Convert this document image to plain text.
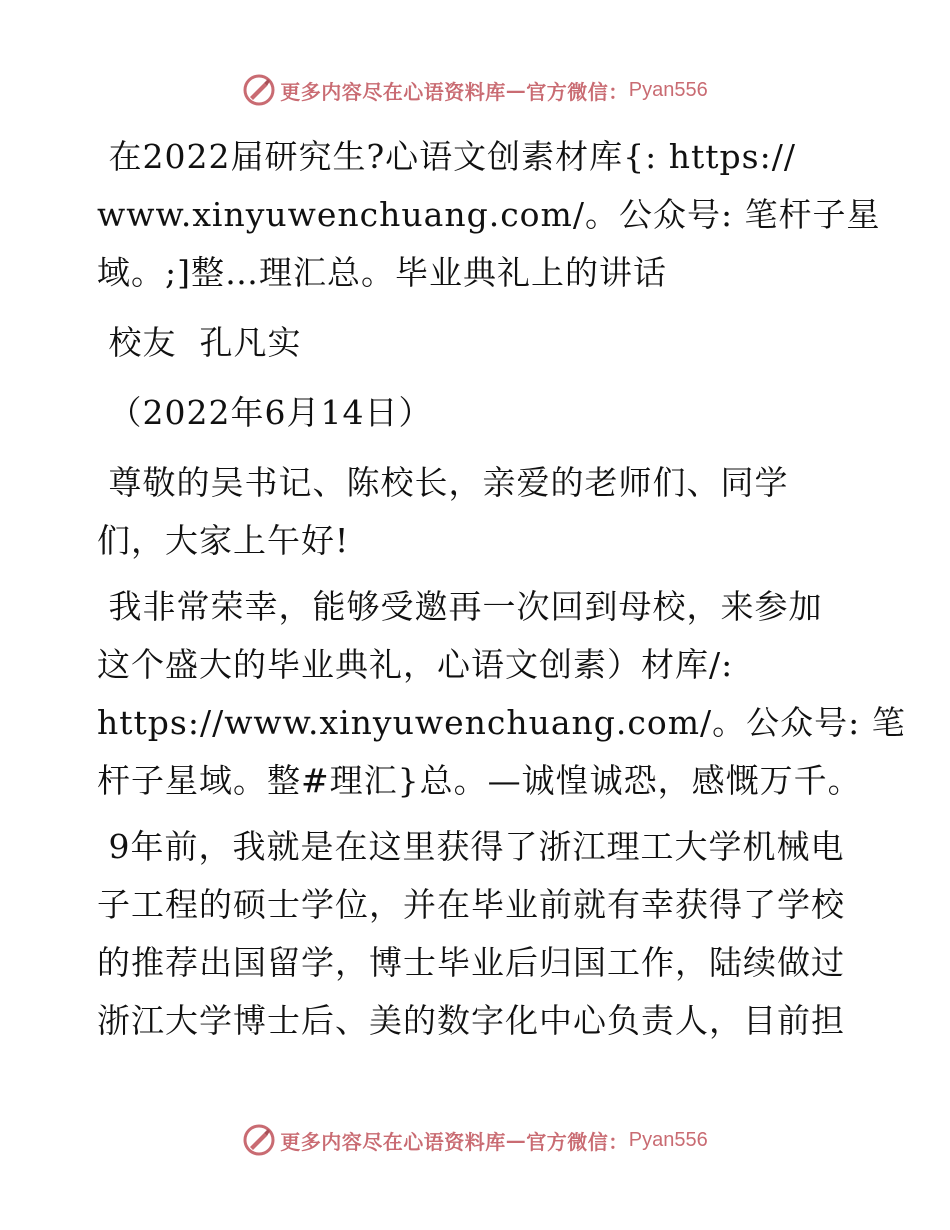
更多内容尽在心语资料库 — 官方微信： Pyan556
在2022届研究生?心语文创素材库{: https://
www.xinyuwenchuang.com/。公众号: 笔杆子星
域。;]整…理汇总。毕业典礼上的讲话
校友  孔凡实
（2022年6月14日）
尊敬的吴书记、陈校长，亲爱的老师们、同学
们，大家上午好!
我非常荣幸，能够受邀再一次回到母校，来参加
这个盛大的毕业典礼，心语文创素）材库/:
https://www.xinyuwenchuang.com/。公众号: 笔
杆子星域。整#理汇}总。—诚惶诚恐，感慨万千。
9年前，我就是在这里获得了浙江理工大学机械电
子工程的硕士学位，并在毕业前就有幸获得了学校
的推荐出国留学，博士毕业后归国工作，陆续做过
浙江大学博士后、美的数字化中心负责人，目前担
更多内容尽在心语资料库 — 官方微信： Pyan556
